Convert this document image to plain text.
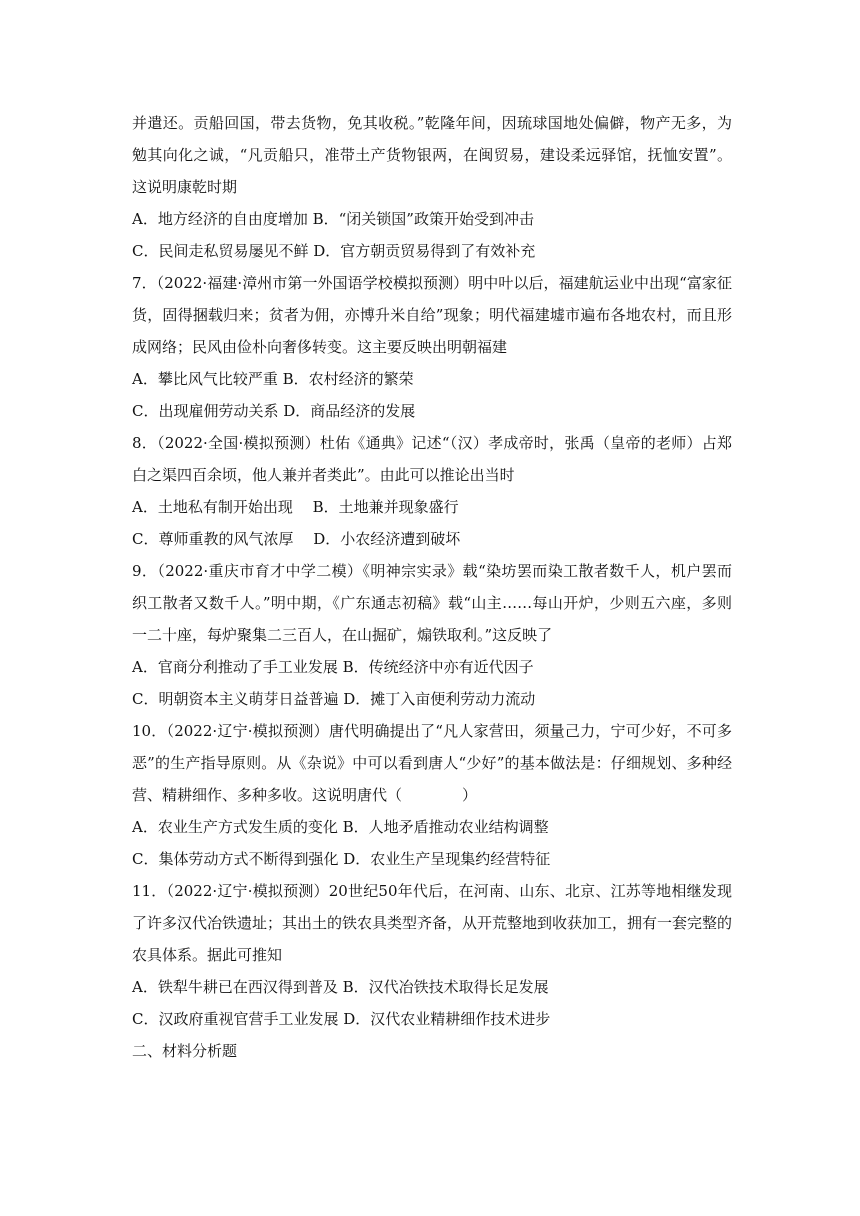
并遣还。贡船回国，带去货物，免其收税。”乾隆年间，因琉球国地处偏僻，物产无多，为勉其向化之诚，“凡贡船只，准带土产货物银两，在闽贸易，建设柔远驿馆，抚恤安置”。这说明康乾时期

A．地方经济的自由度增加 B．“闭关锁国”政策开始受到冲击

C．民间走私贸易屡见不鲜 D．官方朝贡贸易得到了有效补充

7．（2022·福建·漳州市第一外国语学校模拟预测）明中叶以后，福建航运业中出现“富家征货，固得捆载归来；贫者为佣，亦博升米自给”现象；明代福建墟市遍布各地农村，而且形成网络；民风由俭朴向奢侈转变。这主要反映出明朝福建

A．攀比风气比较严重 B．农村经济的繁荣

C．出现雇佣劳动关系 D．商品经济的发展

8．（2022·全国·模拟预测）杜佑《通典》记述“（汉）孝成帝时，张禹（皇帝的老师）占郑白之渠四百余顷，他人兼并者类此”。由此可以推论出当时

A．土地私有制开始出现 　B．土地兼并现象盛行

C．尊师重教的风气浓厚 　D．小农经济遭到破坏

9．（2022·重庆市育才中学二模）《明神宗实录》载“染坊罢而染工散者数千人，机户罢而织工散者又数千人。”明中期，《广东通志初稿》载“山主……每山开炉，少则五六座，多则一二十座，每炉聚集二三百人，在山掘矿，煽铁取利。”这反映了

A．官商分利推动了手工业发展 B．传统经济中亦有近代因子

C．明朝资本主义萌芽日益普遍 D．摊丁入亩便利劳动力流动

10．（2022·辽宁·模拟预测）唐代明确提出了“凡人家营田，须量己力，宁可少好，不可多恶”的生产指导原则。从《杂说》中可以看到唐人“少好”的基本做法是：仔细规划、多种经营、精耕细作、多种多收。这说明唐代（　　　　）

A．农业生产方式发生质的变化 B．人地矛盾推动农业结构调整

C．集体劳动方式不断得到强化 D．农业生产呈现集约经营特征

11．（2022·辽宁·模拟预测）20世纪50年代后，在河南、山东、北京、江苏等地相继发现了许多汉代冶铁遗址；其出土的铁农具类型齐备，从开荒整地到收获加工，拥有一套完整的农具体系。据此可推知

A．铁犁牛耕已在西汉得到普及 B．汉代冶铁技术取得长足发展

C．汉政府重视官营手工业发展 D．汉代农业精耕细作技术进步

二、材料分析题
